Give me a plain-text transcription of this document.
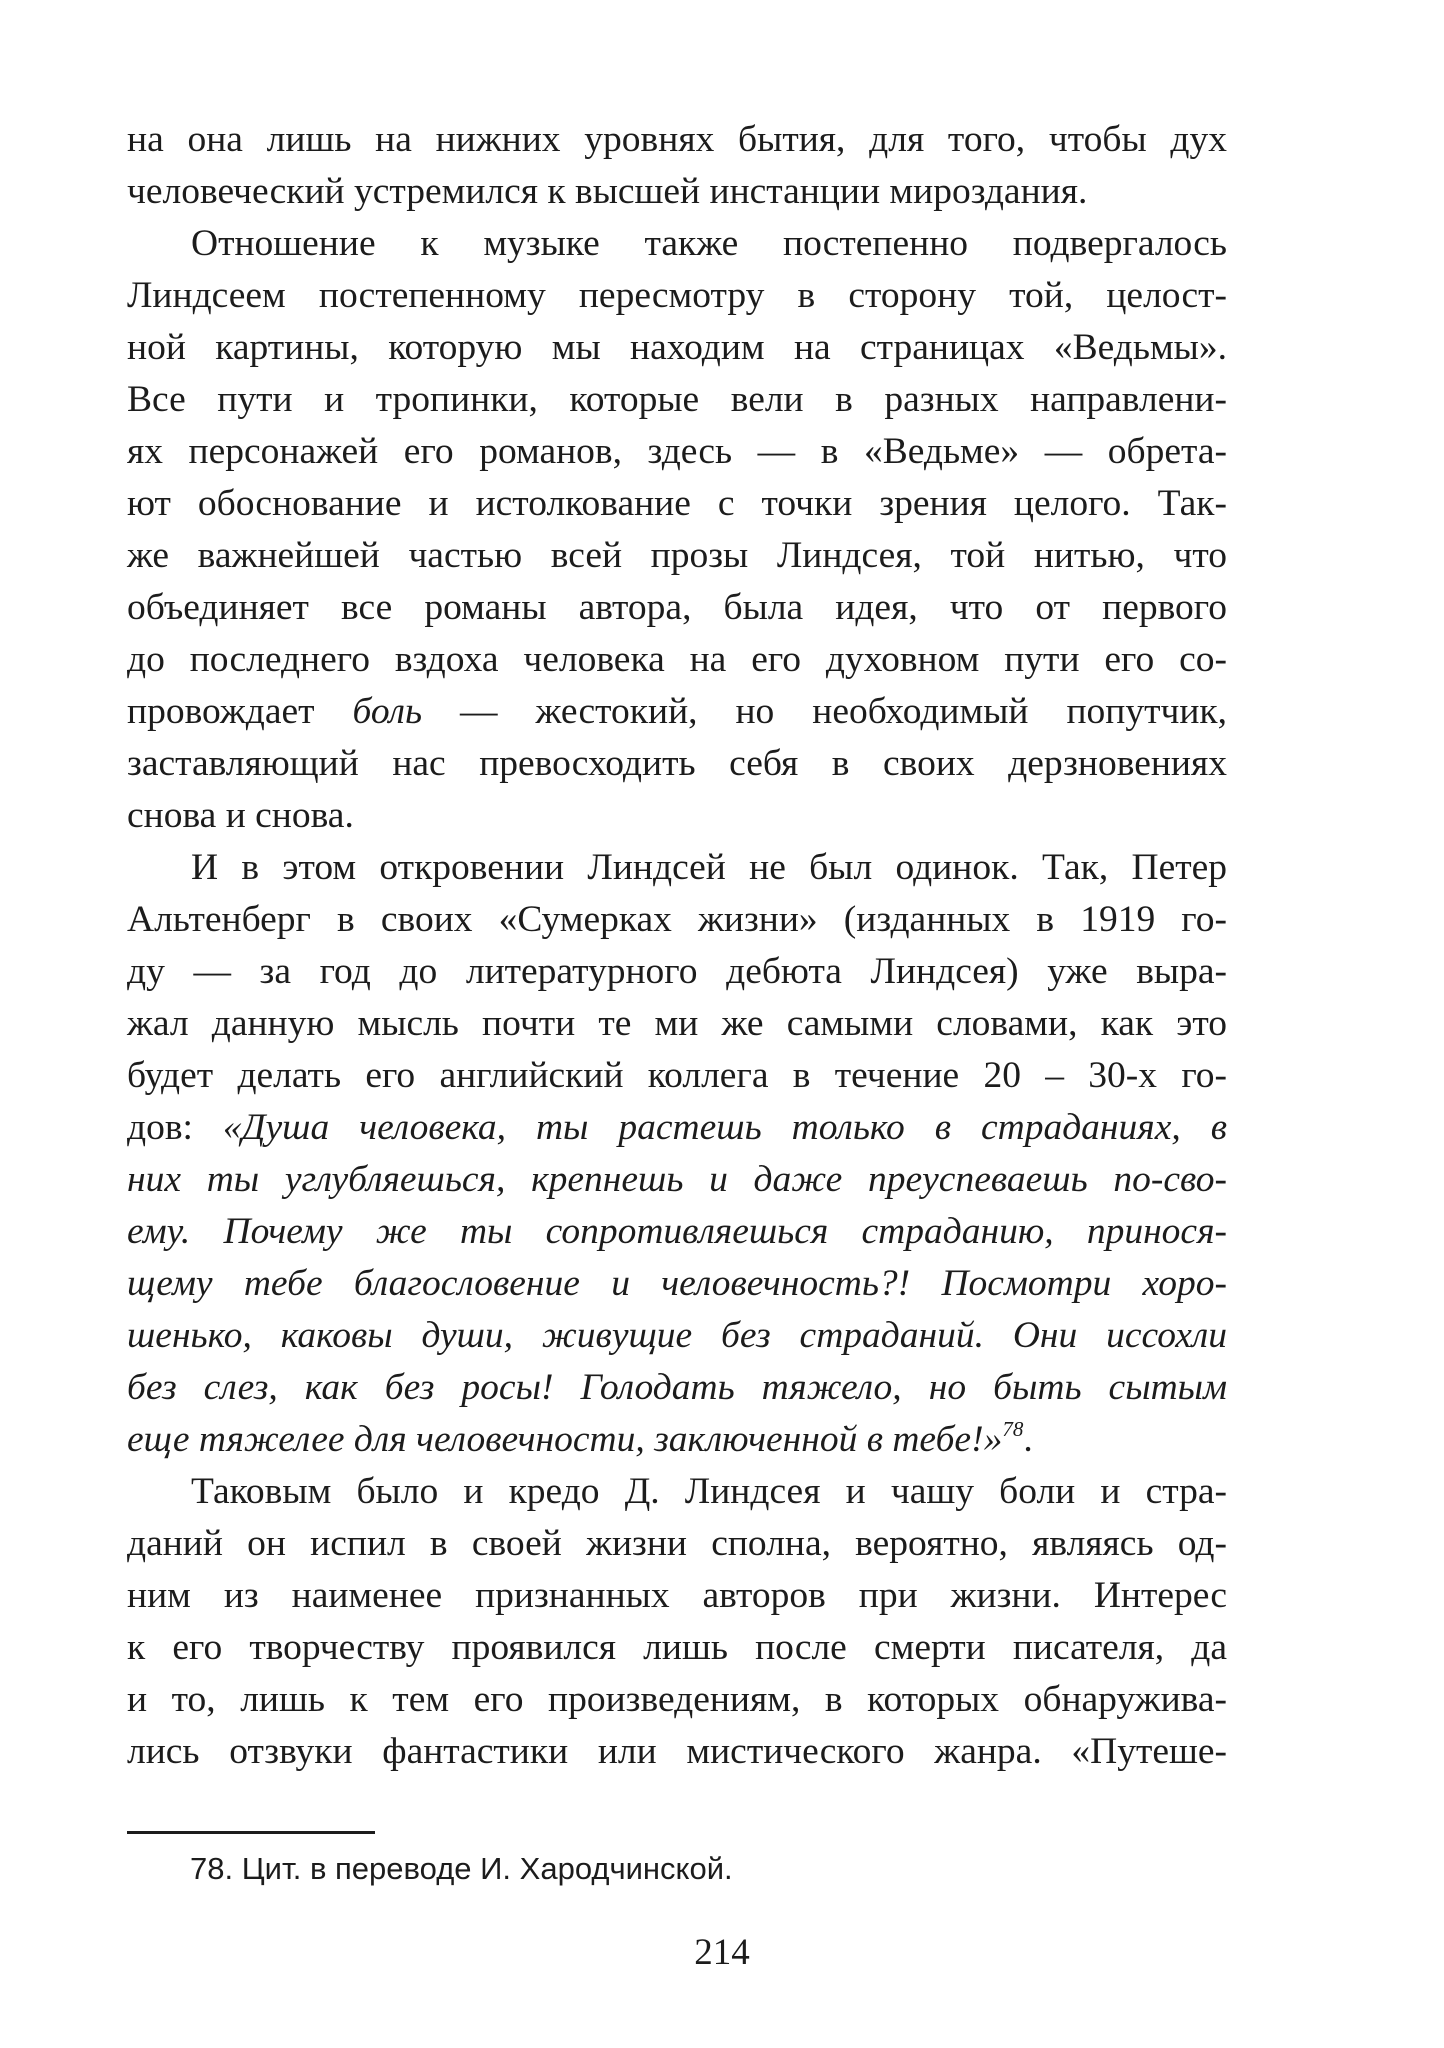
на она лишь на нижних уровнях бытия, для того, чтобы дух
человеческий устремился к высшей инстанции мироздания.
Отношение к музыке также постепенно подвергалось
Линдсеем постепенному пересмотру в сторону той, целост-
ной картины, которую мы находим на страницах «Ведьмы».
Все пути и тропинки, которые вели в разных направлени-
ях персонажей его романов, здесь — в «Ведьме» — обрета-
ют обоснование и истолкование с точки зрения целого. Так-
же важнейшей частью всей прозы Линдсея, той нитью, что
объединяет все романы автора, была идея, что от первого
до последнего вздоха человека на его духовном пути его со-
провождает боль — жестокий, но необходимый попутчик,
заставляющий нас превосходить себя в своих дерзновениях
снова и снова.
И в этом откровении Линдсей не был одинок. Так, Петер
Альтенберг в своих «Сумерках жизни» (изданных в 1919 го-
ду — за год до литературного дебюта Линдсея) уже выра-
жал данную мысль почти те ми же самыми словами, как это
будет делать его английский коллега в течение 20 – 30-х го-
дов: «Душа человека, ты растешь только в страданиях, в
них ты углубляешься, крепнешь и даже преуспеваешь по-сво-
ему. Почему же ты сопротивляешься страданию, принося-
щему тебе благословение и человечность?! Посмотри хоро-
шенько, каковы души, живущие без страданий. Они иссохли
без слез, как без росы! Голодать тяжело, но быть сытым
еще тяжелее для человечности, заключенной в тебе!»$^{78}$.
Таковым было и кредо Д. Линдсея и чашу боли и стра-
даний он испил в своей жизни сполна, вероятно, являясь од-
ним из наименее признанных авторов при жизни. Интерес
к его творчеству проявился лишь после смерти писателя, да
и то, лишь к тем его произведениям, в которых обнаружива-
лись отзвуки фантастики или мистического жанра. «Путеше-
78. Цит. в переводе И. Хародчинской.
214
